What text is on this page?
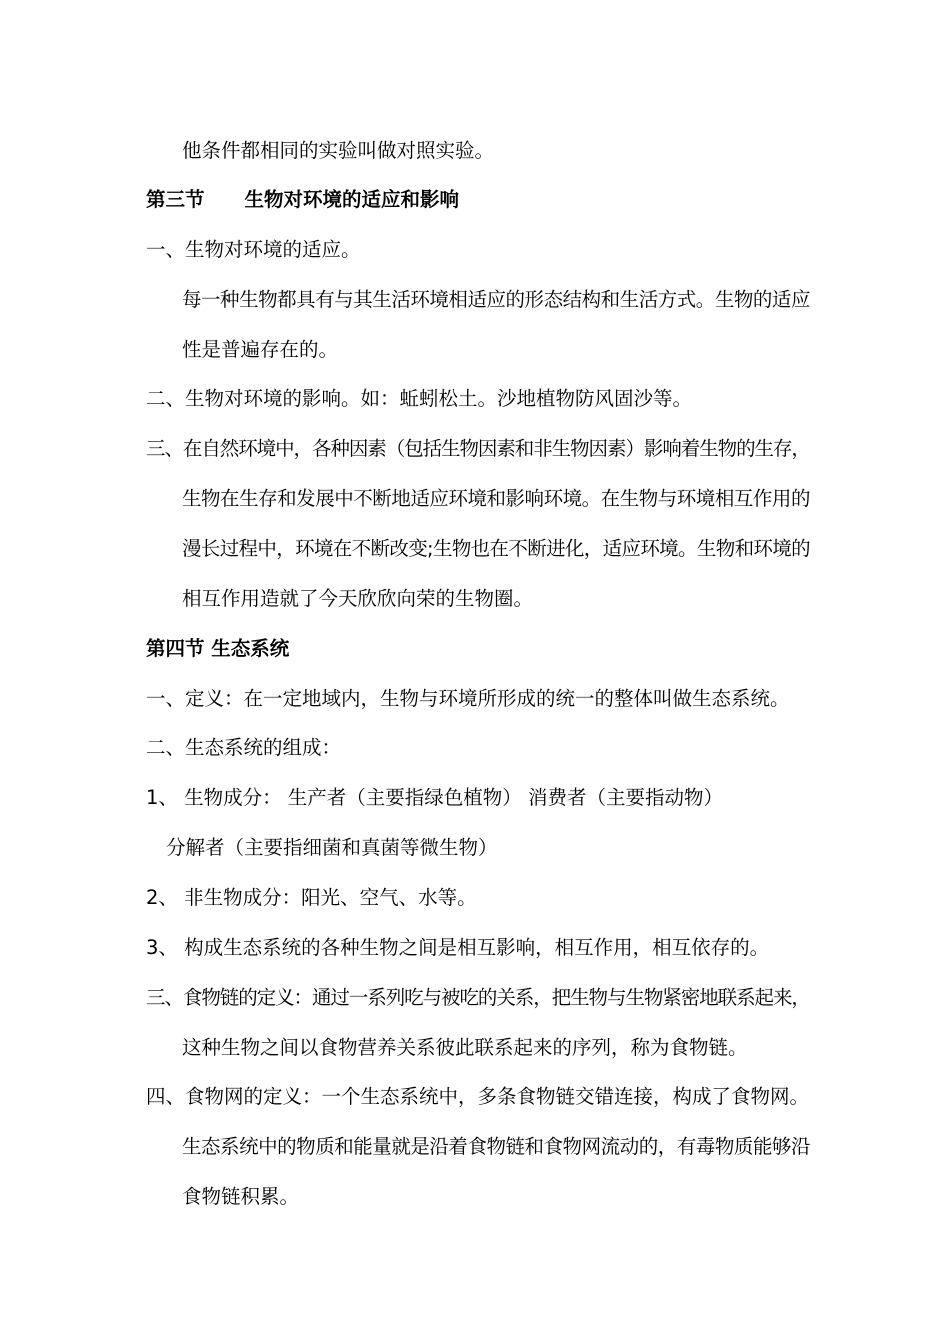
他条件都相同的实验叫做对照实验。
第三节 生物对环境的适应和影响
一、生物对环境的适应。
每一种生物都具有与其生活环境相适应的形态结构和生活方式。生物的适应
性是普遍存在的。
二、生物对环境的影响。如：蚯蚓松土。沙地植物防风固沙等。
三、在自然环境中，各种因素（包括生物因素和非生物因素）影响着生物的生存，
生物在生存和发展中不断地适应环境和影响环境。在生物与环境相互作用的
漫长过程中，环境在不断改变;生物也在不断进化，适应环境。生物和环境的
相互作用造就了今天欣欣向荣的生物圈。
第四节 生态系统
一、定义：在一定地域内，生物与环境所形成的统一的整体叫做生态系统。
二、生态系统的组成：
1、 生物成分： 生产者（主要指绿色植物） 消费者（主要指动物）
分解者（主要指细菌和真菌等微生物）
2、 非生物成分：阳光、空气、水等。
3、 构成生态系统的各种生物之间是相互影响，相互作用，相互依存的。
三、食物链的定义：通过一系列吃与被吃的关系，把生物与生物紧密地联系起来，
这种生物之间以食物营养关系彼此联系起来的序列，称为食物链。
四、食物网的定义：一个生态系统中，多条食物链交错连接，构成了食物网。
生态系统中的物质和能量就是沿着食物链和食物网流动的，有毒物质能够沿
食物链积累。
